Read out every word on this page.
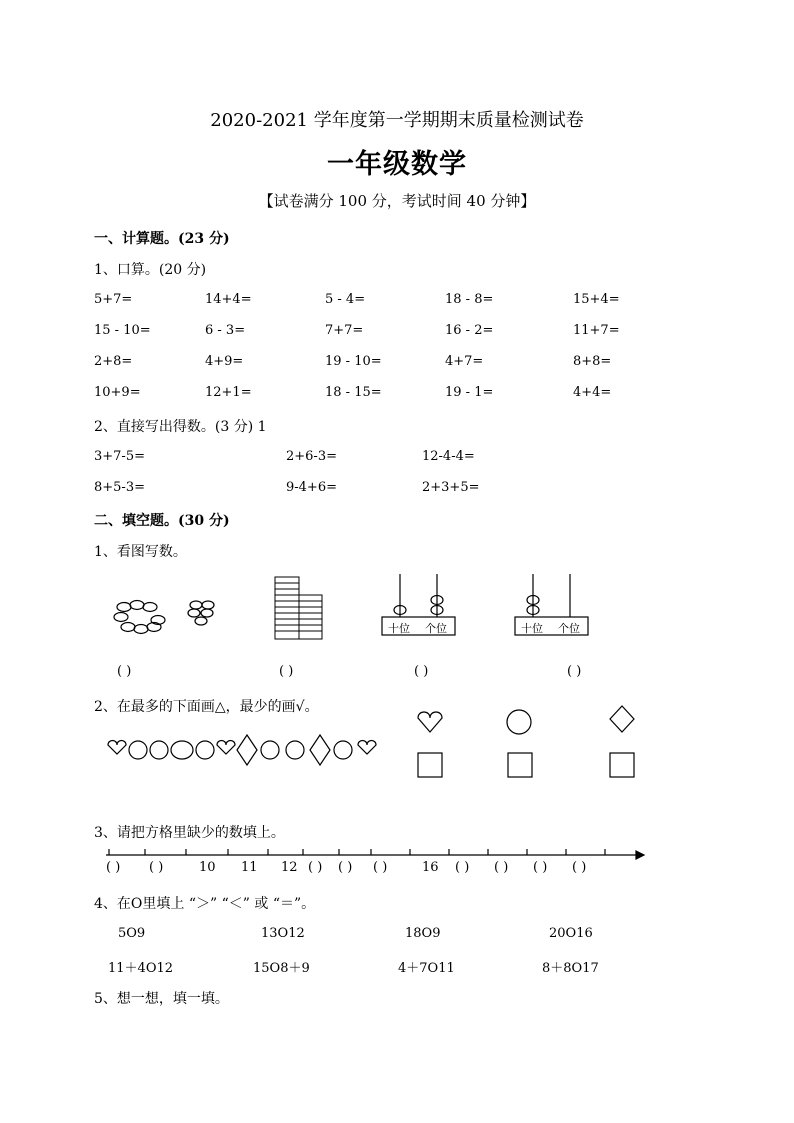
2020-2021 学年度第一学期期末质量检测试卷
一年级数学
【试卷满分 100 分，考试时间 40 分钟】
一、计算题。(23 分)
1、口算。(20 分)
5+7=	14+4=	5 - 4=	18 - 8=	15+4=
15 - 10=	6 - 3=	7+7=	16 - 2=	11+7=
2+8=	4+9=	19 - 10=	4+7=	8+8=
10+9=	12+1=	18 - 15=	19 - 1=	4+4=
2、直接写出得数。(3 分) 1
3+7-5=	2+6-3=	12-4-4=
8+5-3=	9-4+6=	2+3+5=
二、填空题。(30 分)
1、看图写数。
十位 个位	十位 个位
( )	( )	( )	( )
2、在最多的下面画△，最少的画√。
3、请把方格里缺少的数填上。
( ) ( )	10 11 12 ( ) ( ) ( )	16 ( ) ( ) ( ) ( )
4、在O里填上 “＞” “＜” 或 “＝”。
5O9	13O12	18O9	20O16
11＋4O12	15O8＋9	4＋7O11	8＋8O17
5、想一想，填一填。
